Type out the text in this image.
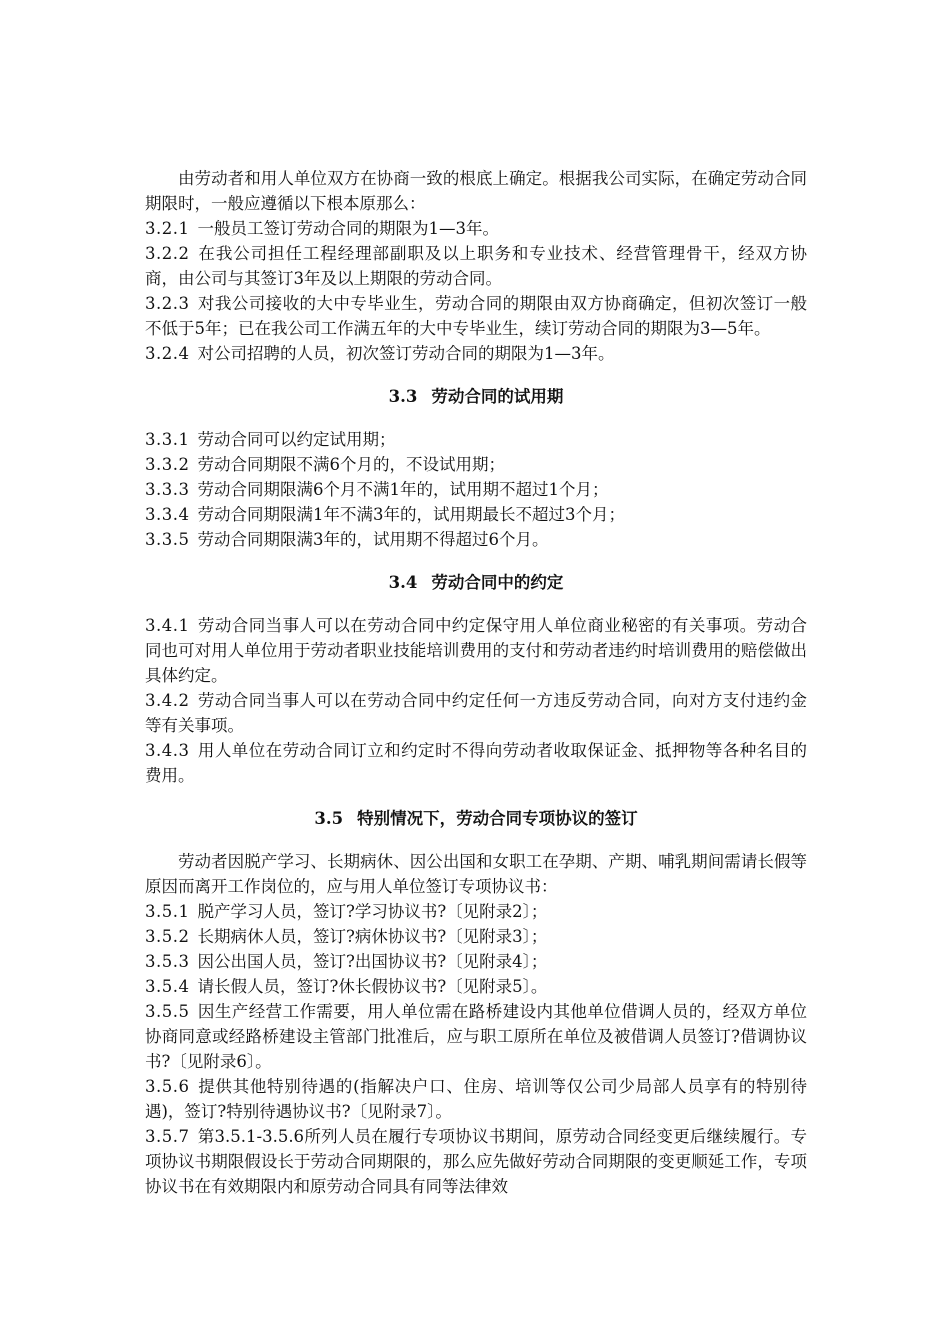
由劳动者和用人单位双方在协商一致的根底上确定。根据我公司实际，在确定劳动合同期限时，一般应遵循以下根本原那么：

3.2.1 一般员工签订劳动合同的期限为1—3年。

3.2.2 在我公司担任工程经理部副职及以上职务和专业技术、经营管理骨干，经双方协商，由公司与其签订3年及以上期限的劳动合同。

3.2.3 对我公司接收的大中专毕业生，劳动合同的期限由双方协商确定，但初次签订一般不低于5年；已在我公司工作满五年的大中专毕业生，续订劳动合同的期限为3—5年。

3.2.4 对公司招聘的人员，初次签订劳动合同的期限为1—3年。

3.3 劳动合同的试用期

3.3.1 劳动合同可以约定试用期；

3.3.2 劳动合同期限不满6个月的，不设试用期；

3.3.3 劳动合同期限满6个月不满1年的，试用期不超过1个月；

3.3.4 劳动合同期限满1年不满3年的，试用期最长不超过3个月；

3.3.5 劳动合同期限满3年的，试用期不得超过6个月。

3.4 劳动合同中的约定

3.4.1 劳动合同当事人可以在劳动合同中约定保守用人单位商业秘密的有关事项。劳动合同也可对用人单位用于劳动者职业技能培训费用的支付和劳动者违约时培训费用的赔偿做出具体约定。

3.4.2 劳动合同当事人可以在劳动合同中约定任何一方违反劳动合同，向对方支付违约金等有关事项。

3.4.3 用人单位在劳动合同订立和约定时不得向劳动者收取保证金、抵押物等各种名目的费用。

3.5 特别情况下，劳动合同专项协议的签订

劳动者因脱产学习、长期病休、因公出国和女职工在孕期、产期、哺乳期间需请长假等原因而离开工作岗位的，应与用人单位签订专项协议书：

3.5.1 脱产学习人员，签订?学习协议书?〔见附录2〕；

3.5.2 长期病休人员，签订?病休协议书?〔见附录3〕；

3.5.3 因公出国人员，签订?出国协议书?〔见附录4〕；

3.5.4 请长假人员，签订?休长假协议书?〔见附录5〕。

3.5.5 因生产经营工作需要，用人单位需在路桥建设内其他单位借调人员的，经双方单位协商同意或经路桥建设主管部门批准后，应与职工原所在单位及被借调人员签订?借调协议书?〔见附录6〕。

3.5.6 提供其他特别待遇的(指解决户口、住房、培训等仅公司少局部人员享有的特别待遇)，签订?特别待遇协议书?〔见附录7〕。

3.5.7 第3.5.1-3.5.6所列人员在履行专项协议书期间，原劳动合同经变更后继续履行。专项协议书期限假设长于劳动合同期限的，那么应先做好劳动合同期限的变更顺延工作，专项协议书在有效期限内和原劳动合同具有同等法律效
